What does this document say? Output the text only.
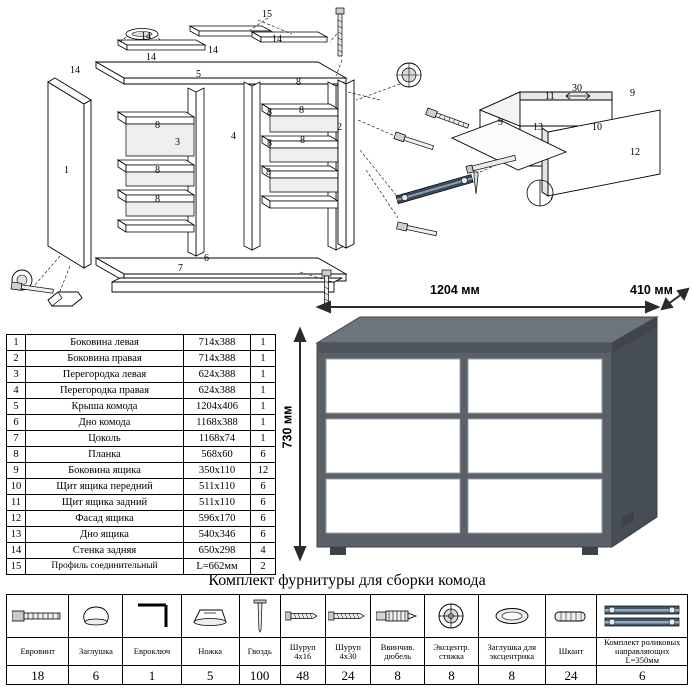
15
14
14
14
14
14	5
8
8
8
3
4
2
8
8
8
8
8
1
8
6
7
9
9
11
13	10
30
12
1	Боковина левая	714х388	1
2	Боковина правая	714х388	1
3	Перегородка левая	624х388	1
4	Перегородка правая	624х388	1
5	Крыша комода	1204х406	1
6	Дно комода	1168х388	1
7	Цоколь	1168х74	1
8	Планка	568х60	6
9	Боковина ящика	350х110	12
10	Щит ящика передний	511х110	6
11	Щит ящика задний	511х110	6
12	Фасад ящика	596х170	6
13	Дно ящика	540х346	6
14	Стенка задняя	650х298	4
15	Профиль соединительный	L=662мм	2
1204 мм	410 мм
730 мм
Комплект фурнитуры для сборки комода

Евровинт	Заглушка	Евроключ	Ножка	Гвоздь	Шуруп 4х16	Шуруп 4х30	Ввинчив. дюбель	Эксцентр. стяжка	Заглушка для эксцентрика	Шкант	Комплект роликовых направляющих L=350мм
18	6	1	5	100	48	24	8	8	8	24	6
